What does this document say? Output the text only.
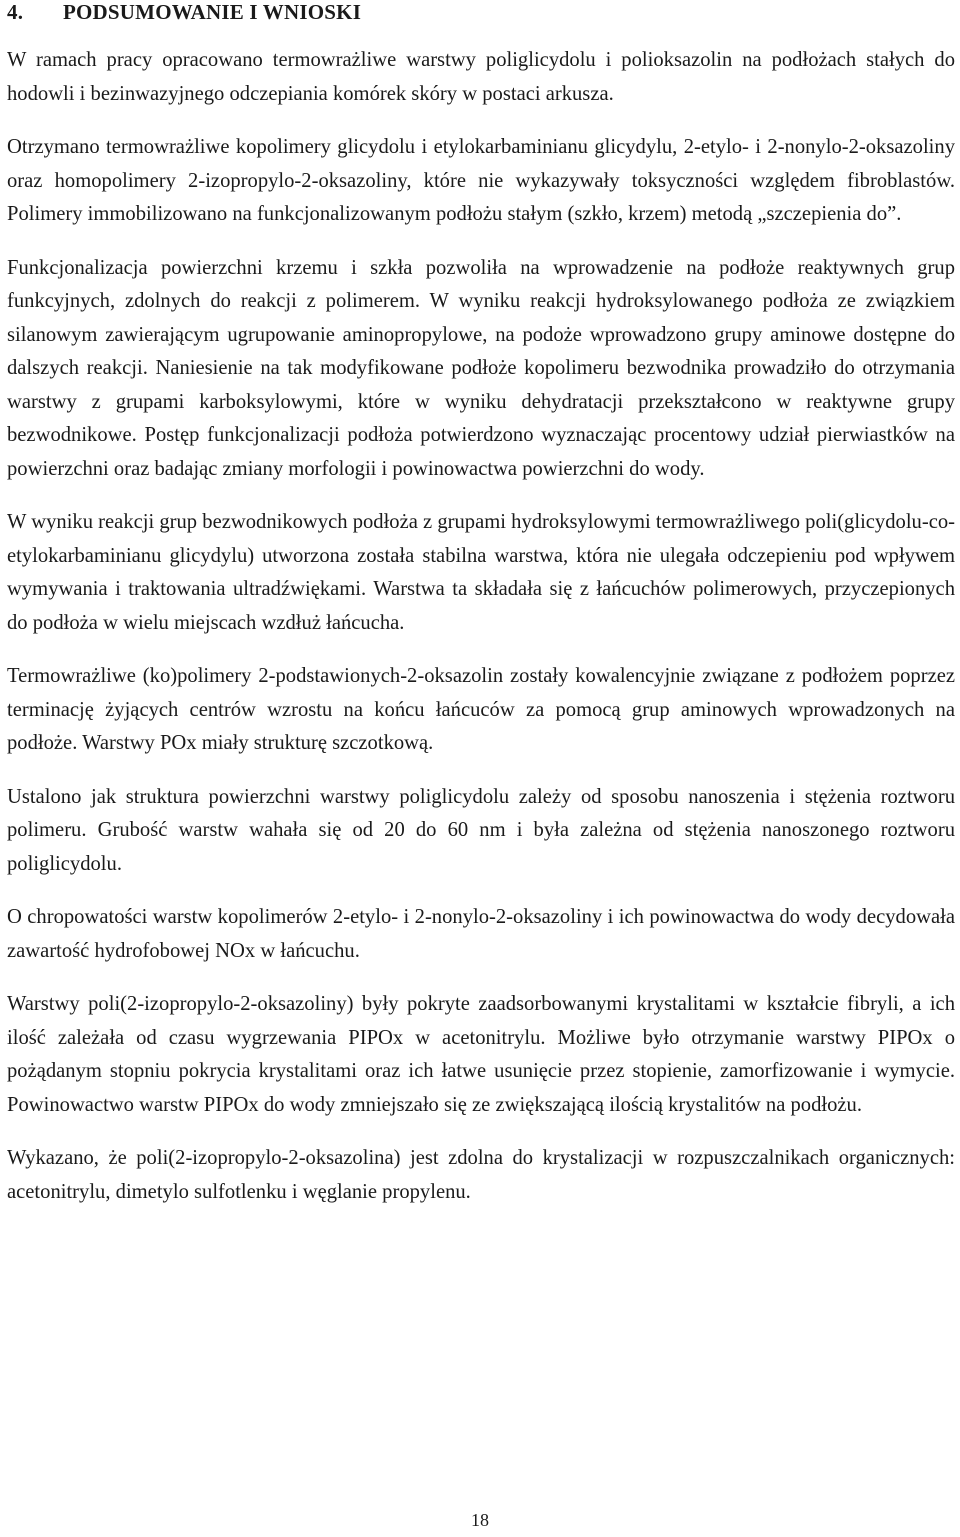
4. PODSUMOWANIE I WNIOSKI

W ramach pracy opracowano termowrażliwe warstwy poliglicydolu i polioksazolin na podłożach stałych do hodowli i bezinwazyjnego odczepiania komórek skóry w postaci arkusza.

Otrzymano termowrażliwe kopolimery glicydolu i etylokarbaminianu glicydylu, 2-etylo- i 2-nonylo-2-oksazoliny oraz homopolimery 2-izopropylo-2-oksazoliny, które nie wykazywały toksyczności względem fibroblastów. Polimery immobilizowano na funkcjonalizowanym podłożu stałym (szkło, krzem) metodą „szczepienia do”.

Funkcjonalizacja powierzchni krzemu i szkła pozwoliła na wprowadzenie na podłoże reaktywnych grup funkcyjnych, zdolnych do reakcji z polimerem. W wyniku reakcji hydroksylowanego podłoża ze związkiem silanowym zawierającym ugrupowanie aminopropylowe, na podoże wprowadzono grupy aminowe dostępne do dalszych reakcji. Naniesienie na tak modyfikowane podłoże kopolimeru bezwodnika prowadziło do otrzymania warstwy z grupami karboksylowymi, które w wyniku dehydratacji przekształcono w reaktywne grupy bezwodnikowe. Postęp funkcjonalizacji podłoża potwierdzono wyznaczając procentowy udział pierwiastków na powierzchni oraz badając zmiany morfologii i powinowactwa powierzchni do wody.

W wyniku reakcji grup bezwodnikowych podłoża z grupami hydroksylowymi termowrażliwego poli(glicydolu-co-etylokarbaminianu glicydylu) utworzona została stabilna warstwa, która nie ulegała odczepieniu pod wpływem wymywania i traktowania ultradźwiękami. Warstwa ta składała się z łańcuchów polimerowych, przyczepionych do podłoża w wielu miejscach wzdłuż łańcucha.

Termowrażliwe (ko)polimery 2-podstawionych-2-oksazolin zostały kowalencyjnie związane z podłożem poprzez terminację żyjących centrów wzrostu na końcu łańcuców za pomocą grup aminowych wprowadzonych na podłoże. Warstwy POx miały strukturę szczotkową.

Ustalono jak struktura powierzchni warstwy poliglicydolu zależy od sposobu nanoszenia i stężenia roztworu polimeru. Grubość warstw wahała się od 20 do 60 nm i była zależna od stężenia nanoszonego roztworu poliglicydolu.

O chropowatości warstw kopolimerów 2-etylo- i 2-nonylo-2-oksazoliny i ich powinowactwa do wody decydowała zawartość hydrofobowej NOx w łańcuchu.

Warstwy poli(2-izopropylo-2-oksazoliny) były pokryte zaadsorbowanymi krystalitami w kształcie fibryli, a ich ilość zależała od czasu wygrzewania PIPOx w acetonitrylu. Możliwe było otrzymanie warstwy PIPOx o pożądanym stopniu pokrycia krystalitami oraz ich łatwe usunięcie przez stopienie, zamorfizowanie i wymycie. Powinowactwo warstw PIPOx do wody zmniejszało się ze zwiększającą ilością krystalitów na podłożu.

Wykazano, że poli(2-izopropylo-2-oksazolina) jest zdolna do krystalizacji w rozpuszczalnikach organicznych: acetonitrylu, dimetylo sulfotlenku i węglanie propylenu.

18
